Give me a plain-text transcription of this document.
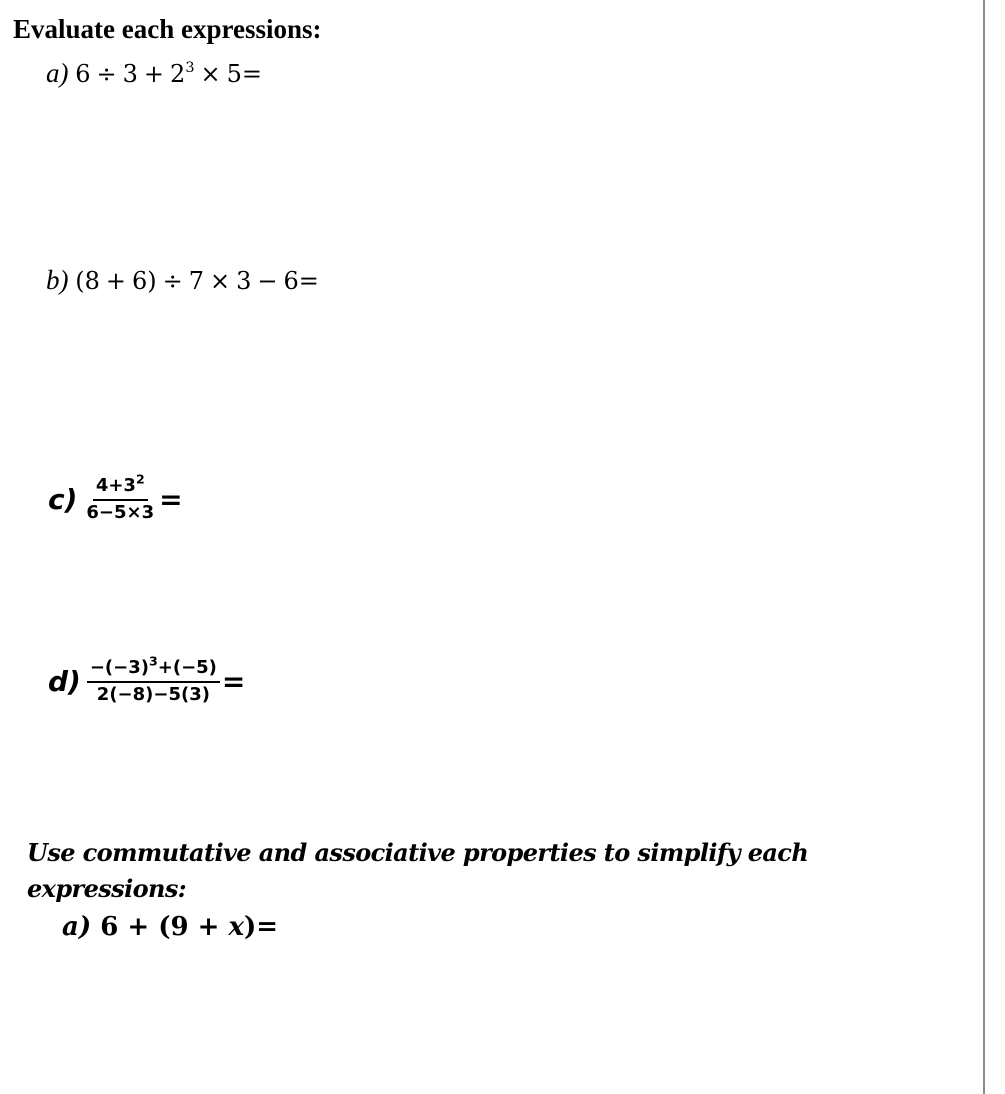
Evaluate each expressions:
a) $6 \div 3 + 2^3 \times 5=$
b) (8 + 6) ÷ 7 × 3 − 6=
$c) \frac{4+3^2}{6-5\times 3}$ =
$d) \frac{-(-3)^3+(-5)}{2(-8)-5(3)}$ =
Use commutative and associative properties to simplify each expressions:
a) 6 + (9 + x)=
